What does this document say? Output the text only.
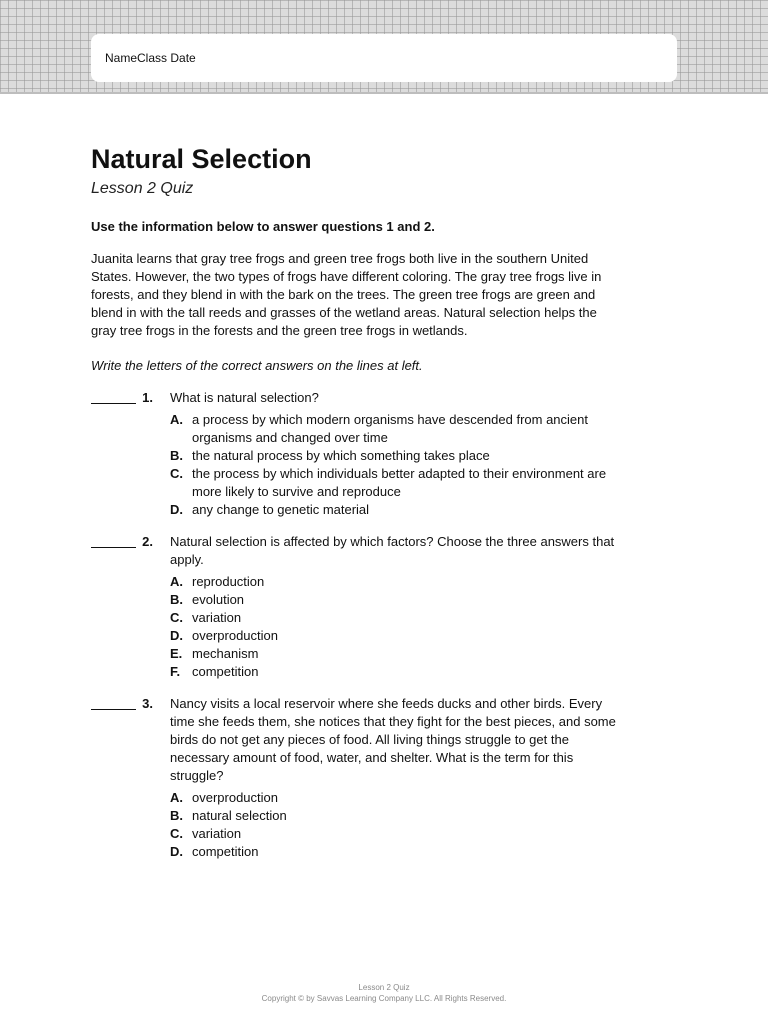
NameClass Date
Natural Selection

Lesson 2 Quiz

Use the information below to answer questions 1 and 2.

Juanita learns that gray tree frogs and green tree frogs both live in the southern United States. However, the two types of frogs have different coloring. The gray tree frogs live in forests, and they blend in with the bark on the trees. The green tree frogs are green and blend in with the tall reeds and grasses of the wetland areas. Natural selection helps the gray tree frogs in the forests and the green tree frogs in wetlands.

Write the letters of the correct answers on the lines at left.

1. What is natural selection?

A. a process by which modern organisms have descended from ancient organisms and changed over time
B. the natural process by which something takes place
C. the process by which individuals better adapted to their environment are more likely to survive and reproduce
D. any change to genetic material
2. Natural selection is affected by which factors? Choose the three answers that apply.

A. reproduction
B. evolution
C. variation
D. overproduction
E. mechanism
F. competition
3. Nancy visits a local reservoir where she feeds ducks and other birds. Every time she feeds them, she notices that they fight for the best pieces, and some birds do not get any pieces of food. All living things struggle to get the necessary amount of food, water, and shelter. What is the term for this struggle?

A. overproduction
B. natural selection
C. variation
D. competition
Lesson 2 Quiz
Copyright © by Savvas Learning Company LLC. All Rights Reserved.
